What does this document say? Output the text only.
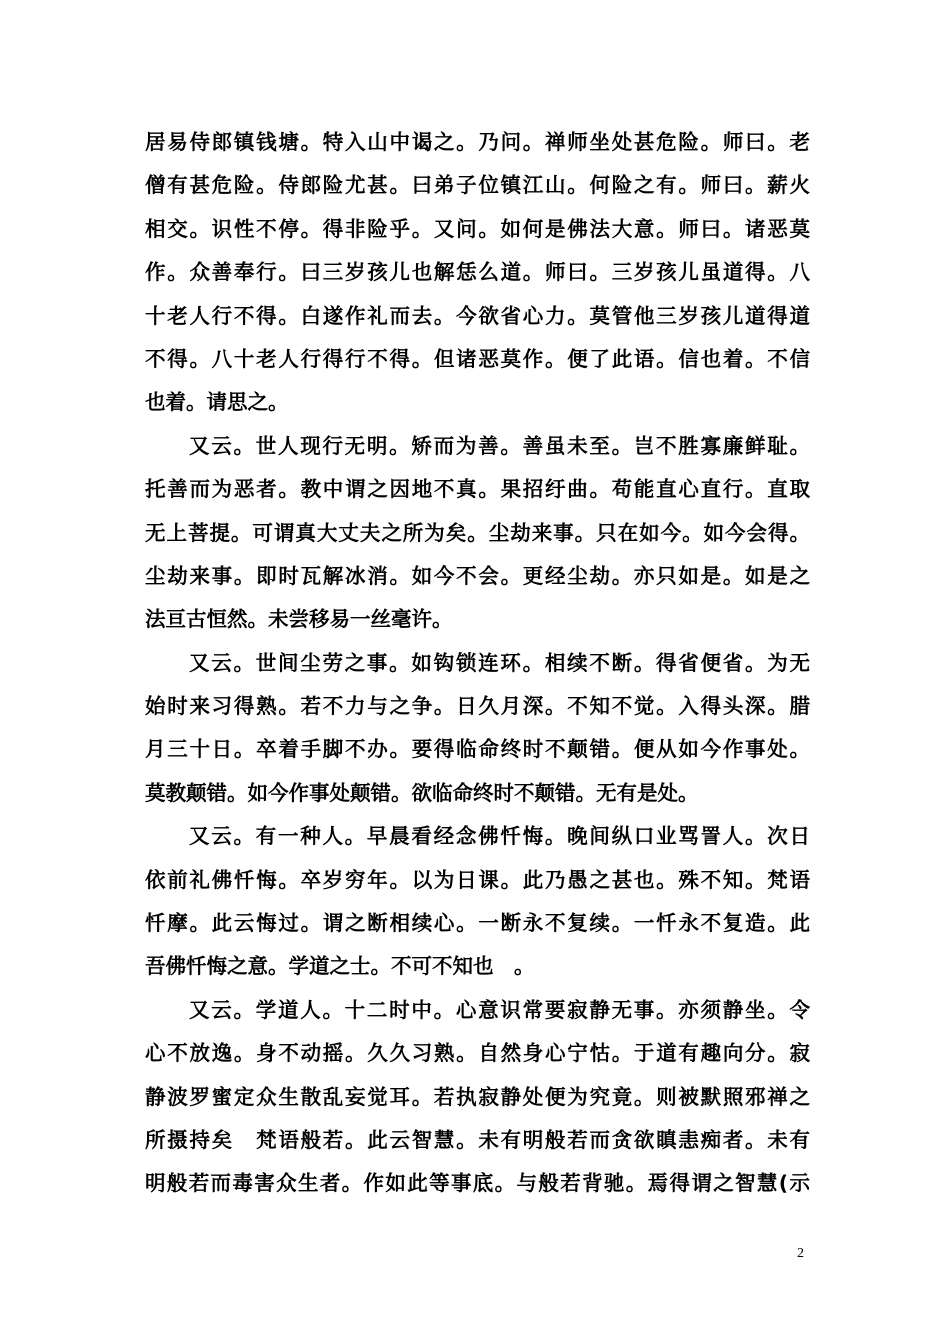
居易侍郎镇钱塘。特入山中谒之。乃问。禅师坐处甚危险。师曰。老
僧有甚危险。侍郎险尤甚。曰弟子位镇江山。何险之有。师曰。薪火
相交。识性不停。得非险乎。又问。如何是佛法大意。师曰。诸恶莫
作。众善奉行。曰三岁孩儿也解恁么道。师曰。三岁孩儿虽道得。八
十老人行不得。白遂作礼而去。今欲省心力。莫管他三岁孩儿道得道
不得。八十老人行得行不得。但诸恶莫作。便了此语。信也着。不信
也着。请思之。
又云。世人现行无明。矫而为善。善虽未至。岂不胜寡廉鲜耻。
托善而为恶者。教中谓之因地不真。果招纡曲。苟能直心直行。直取
无上菩提。可谓真大丈夫之所为矣。尘劫来事。只在如今。如今会得。
尘劫来事。即时瓦解冰消。如今不会。更经尘劫。亦只如是。如是之
法亘古恒然。未尝移易一丝毫许。
又云。世间尘劳之事。如钩锁连环。相续不断。得省便省。为无
始时来习得熟。若不力与之争。日久月深。不知不觉。入得头深。腊
月三十日。卒着手脚不办。要得临命终时不颠错。便从如今作事处。
莫教颠错。如今作事处颠错。欲临命终时不颠错。无有是处。
又云。有一种人。早晨看经念佛忏悔。晚间纵口业骂詈人。次日
依前礼佛忏悔。卒岁穷年。以为日课。此乃愚之甚也。殊不知。梵语
忏摩。此云悔过。谓之断相续心。一断永不复续。一忏永不复造。此
吾佛忏悔之意。学道之士。不可不知也　。
又云。学道人。十二时中。心意识常要寂静无事。亦须静坐。令
心不放逸。身不动摇。久久习熟。自然身心宁怙。于道有趣向分。寂
静波罗蜜定众生散乱妄觉耳。若执寂静处便为究竟。则被默照邪禅之
所摄持矣　梵语般若。此云智慧。未有明般若而贪欲瞋恚痴者。未有
明般若而毒害众生者。作如此等事底。与般若背驰。焉得谓之智慧(示
2
